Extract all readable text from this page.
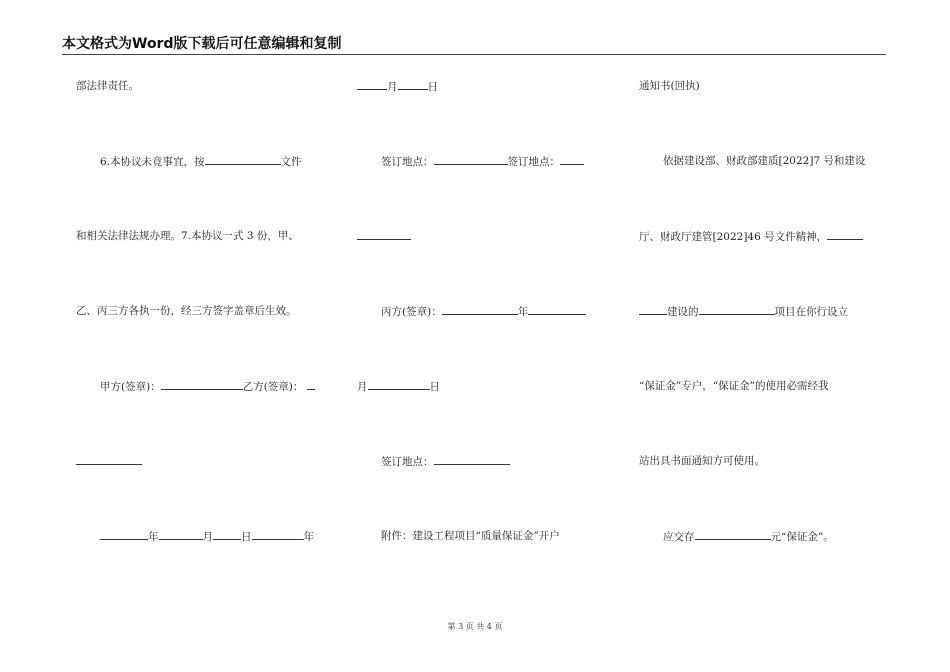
本文格式为Word版下载后可任意编辑和复制
部法律责任。
6.本协议未竟事宜，按	文件
和相关法律法规办理。7.本协议一式 3 份，甲、
乙、丙三方各执一份，经三方签字盖章后生效。
甲方(签章)：	乙方(签章)：
年	月	日	年
月	日
签订地点：	签订地点：
丙方(签章)：	年
月	日
签订地点：
附件：建设工程项目“质量保证金”开户
通知书(回执)
依据建设部、财政部建质[2022]7 号和建设
厅、财政厅建管[2022]46 号文件精神，
建设的	项目在你行设立
“保证金”专户，“保证金”的使用必需经我
站出具书面通知方可使用。
应交存	元“保证金”。
第 3 页 共 4 页
